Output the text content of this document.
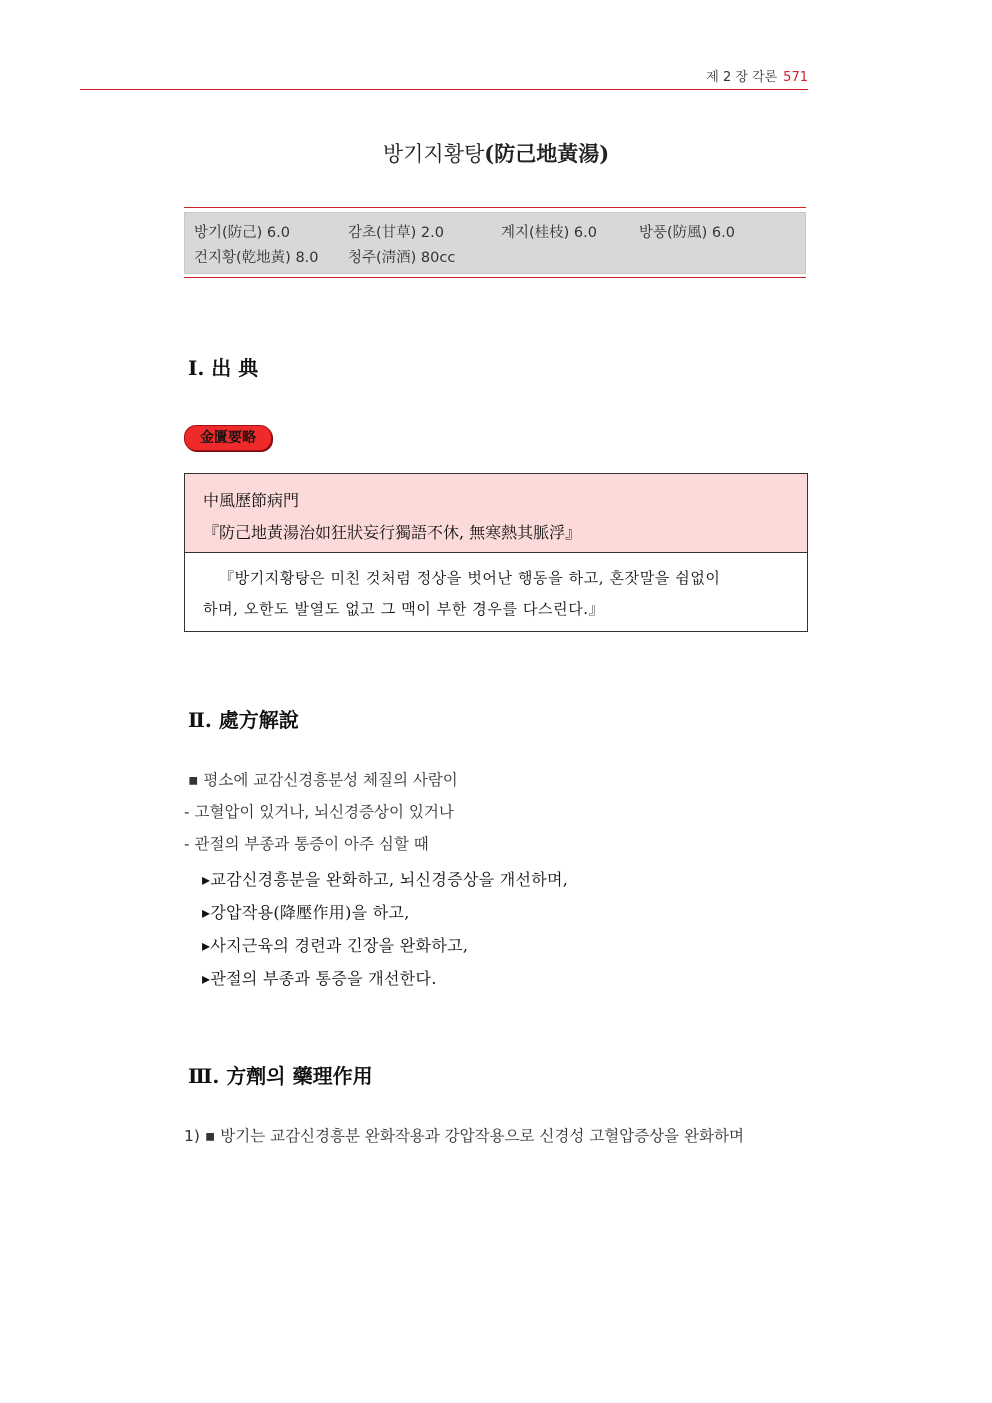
제 2 장 각론 571
방기지황탕(防己地黃湯)
방기(防己) 6.0	감초(甘草) 2.0	계지(桂枝) 6.0	방풍(防風) 6.0
건지황(乾地黃) 8.0 청주(淸酒) 80cc
Ⅰ. 出 典
金匱要略
中風歷節病門
『防己地黃湯治如狂狀妄行獨語不休, 無寒熱其脈浮』
『방기지황탕은 미친 것처럼 정상을 벗어난 행동을 하고, 혼잣말을 쉼없이
하며, 오한도 발열도 없고 그 맥이 부한 경우를 다스린다.』
Ⅱ. 處方解說
▪ 평소에 교감신경흥분성 체질의 사람이
- 고혈압이 있거나, 뇌신경증상이 있거나
- 관절의 부종과 통증이 아주 심할 때
▸교감신경흥분을 완화하고, 뇌신경증상을 개선하며,
▸강압작용(降壓作用)을 하고,
▸사지근육의 경련과 긴장을 완화하고,
▸관절의 부종과 통증을 개선한다.
Ⅲ. 方劑의 藥理作用
1) ▪ 방기는 교감신경흥분 완화작용과 강압작용으로 신경성 고혈압증상을 완화하며
